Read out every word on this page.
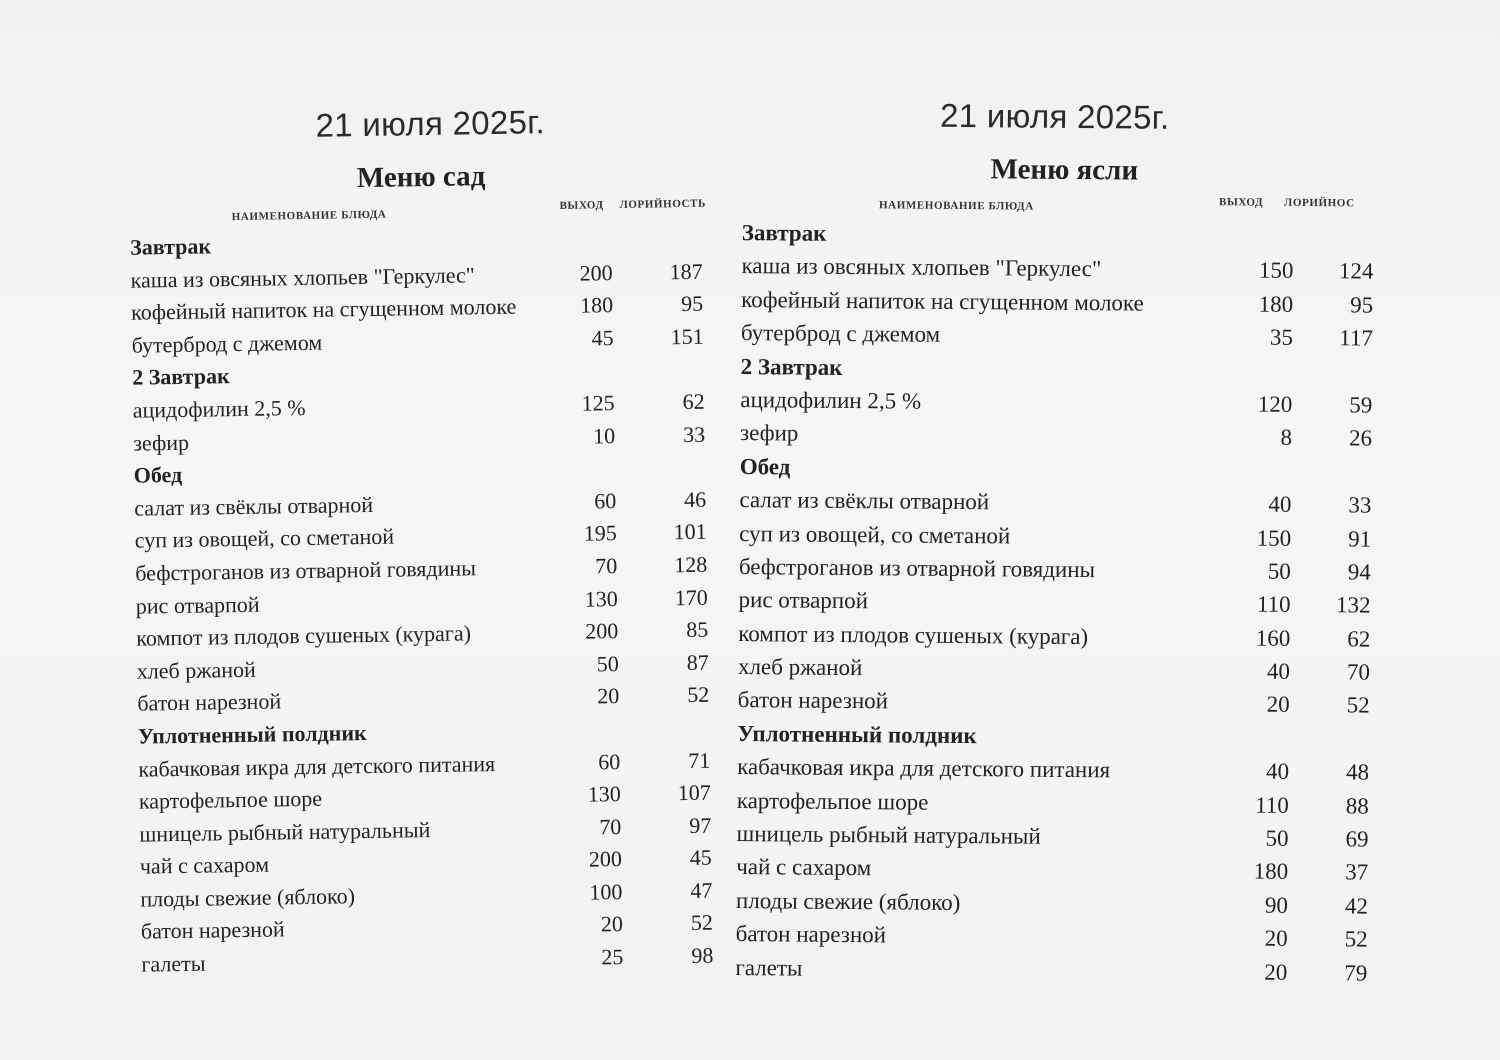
21 июля 2025г.
Меню сад
НАИМЕНОВАНИЕ БЛЮДА
ВЫХОД ЛОРИЙНОСТЬ
Завтрак
каша из овсяных хлопьев "Геркулес"	200	187
кофейный напиток на сгущенном молоке	180	95
бутерброд с джемом	45	151
2 Завтрак
ацидофилин 2,5 %	125	62
зефир	10	33
Обед
салат из свёклы отварной	60	46
суп из овощей, со сметаной	195	101
бефстроганов из отварной говядины	70	128
рис отварпой	130	170
компот из плодов сушеных (курага)	200	85
хлеб ржаной	50	87
батон нарезной	20	52
Уплотненный полдник
кабачковая икра для детского питания	60	71
картофельпое шоре	130	107
шницель рыбный натуральный	70	97
чай с сахаром	200	45
плоды свежие (яблоко)	100	47
батон нарезной	20	52
галеты	25	98
21 июля 2025г.
Меню ясли
НАИМЕНОВАНИЕ БЛЮДА	ВЫХОД ЛОРИЙНОС
Завтрак
каша из овсяных хлопьев "Геркулес"	150	124
кофейный напиток на сгущенном молоке	180	95
бутерброд с джемом	35	117
2 Завтрак
ацидофилин 2,5 %	120	59
зефир	8	26
Обед
салат из свёклы отварной	40	33
суп из овощей, со сметаной	150	91
бефстроганов из отварной говядины	50	94
рис отварпой	110	132
компот из плодов сушеных (курага)	160	62
хлеб ржаной	40	70
батон нарезной	20	52
Уплотненный полдник
кабачковая икра для детского питания	40	48
картофельпое шоре	110	88
шницель рыбный натуральный	50	69
чай с сахаром	180	37
плоды свежие (яблоко)	90	42
батон нарезной	20	52
галеты	20	79
